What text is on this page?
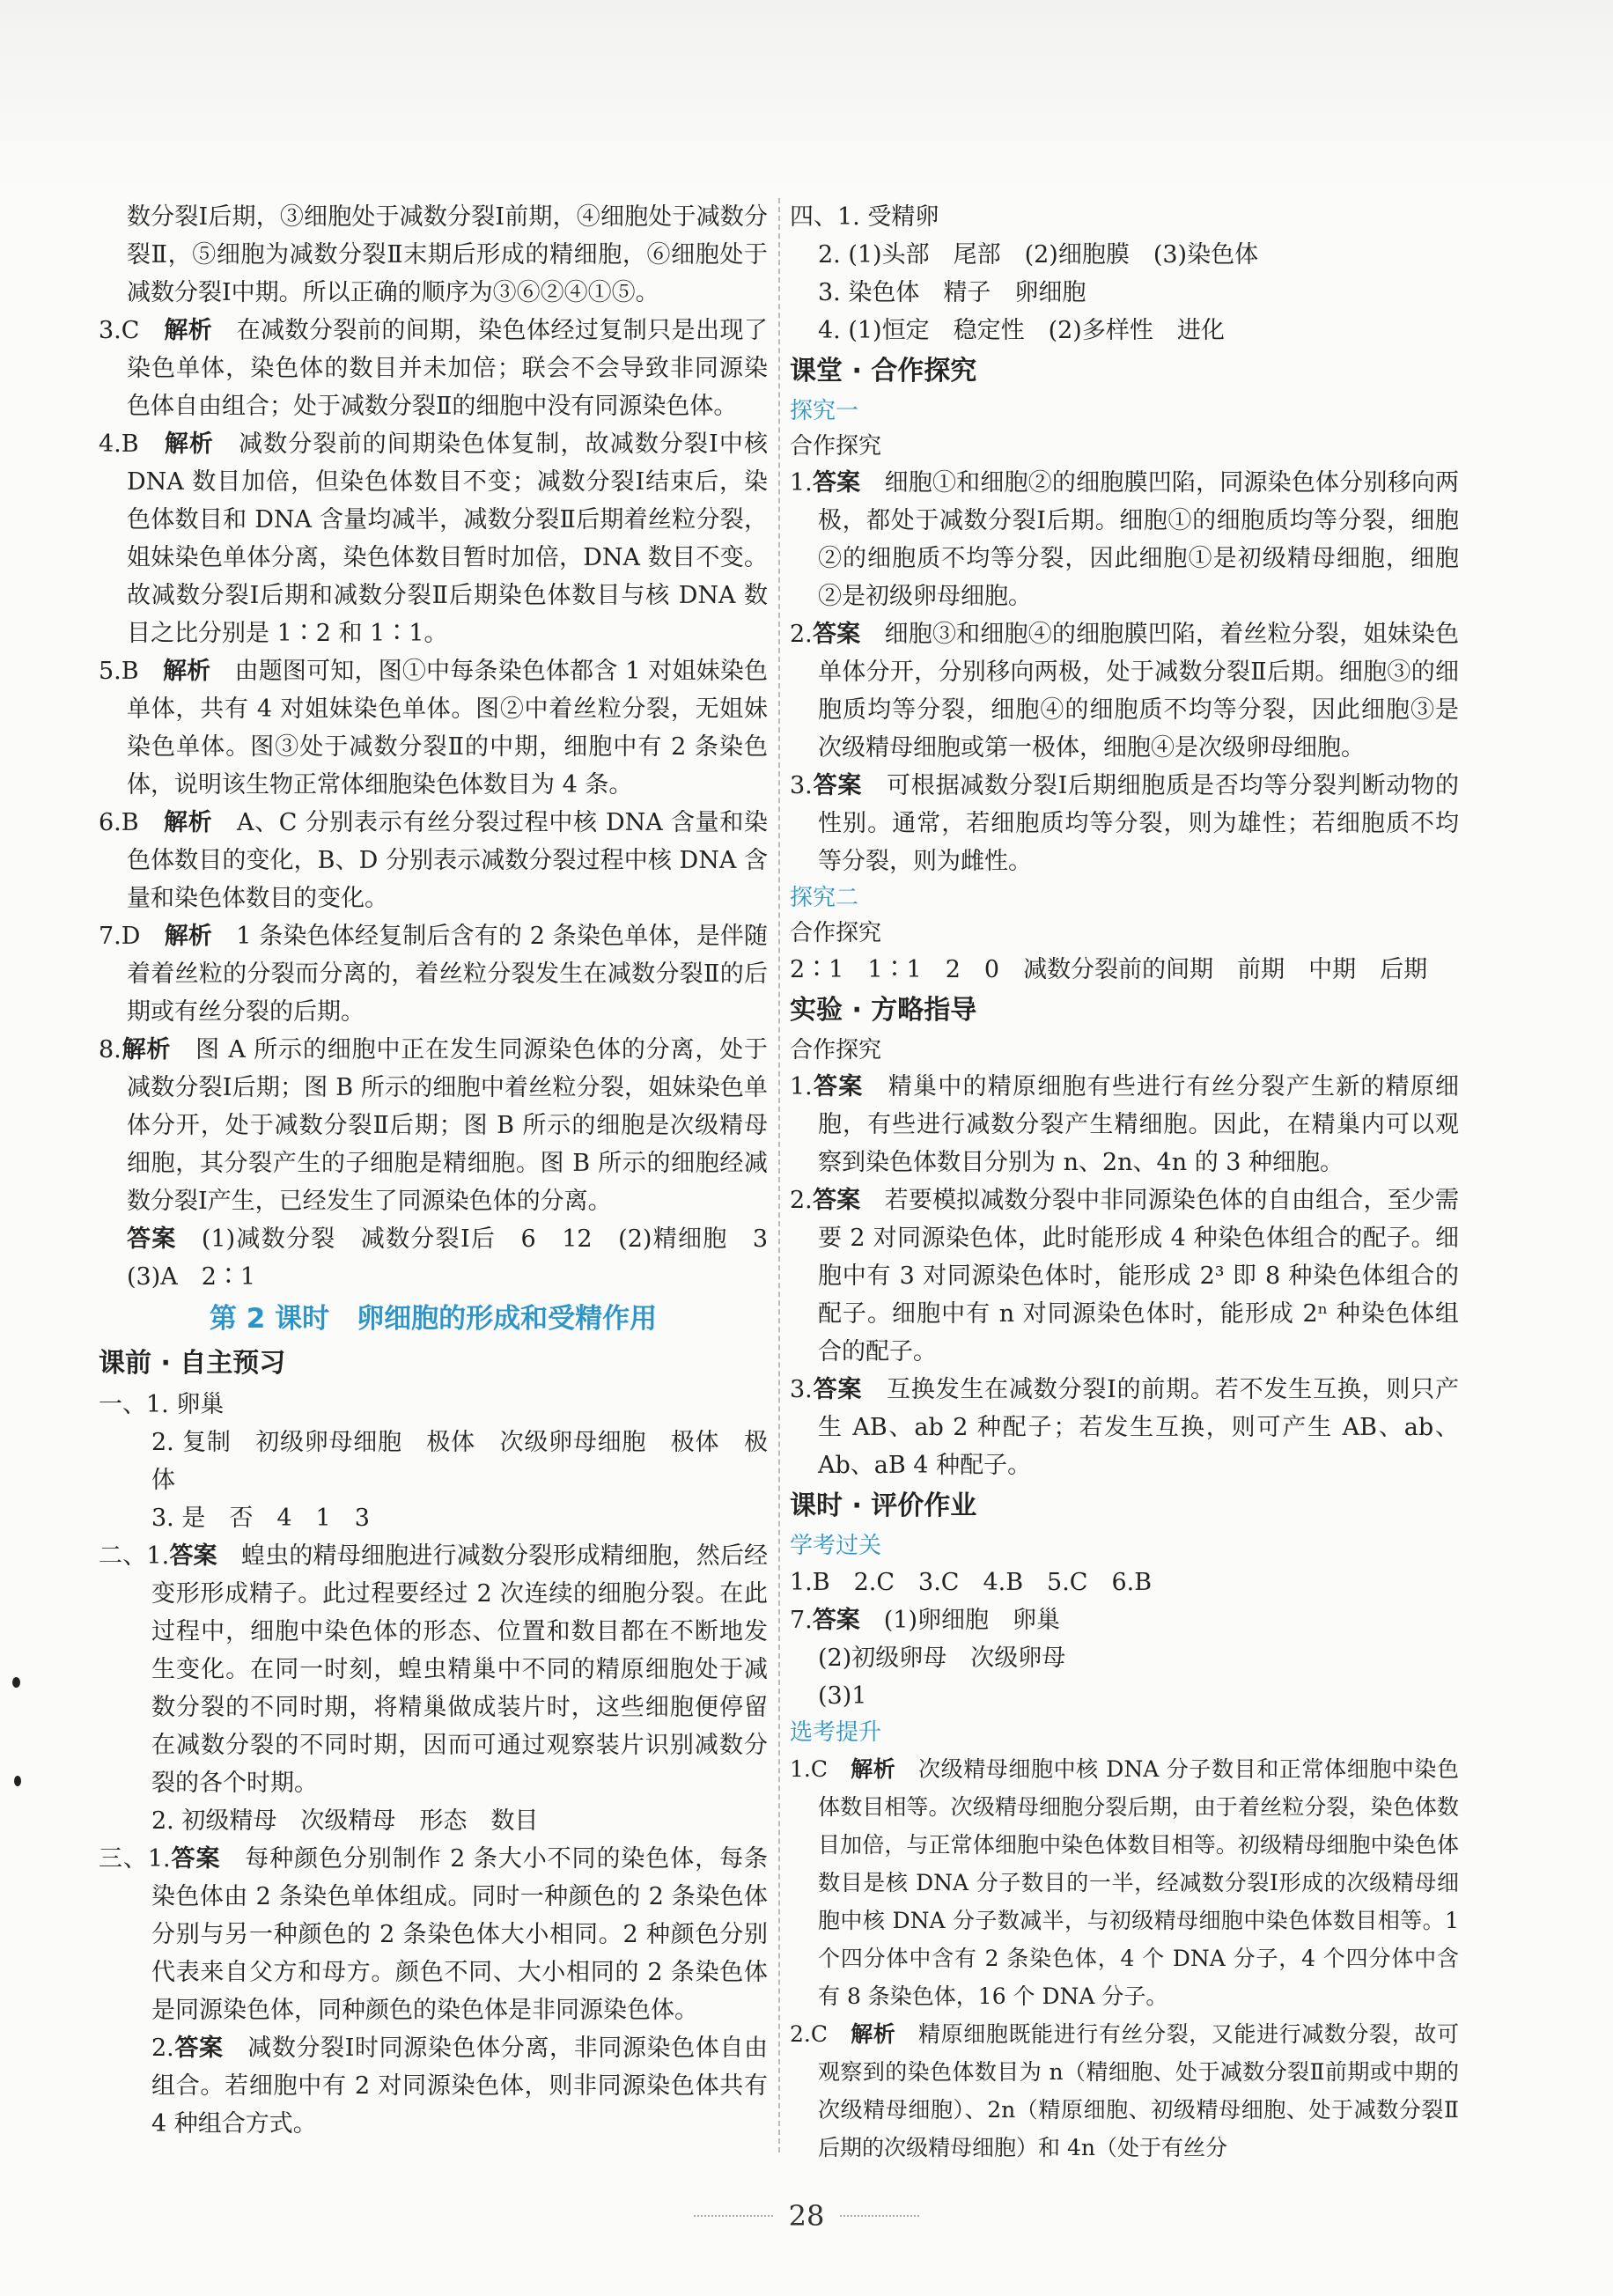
数分裂Ⅰ后期，③细胞处于减数分裂Ⅰ前期，④细胞处于减数分裂Ⅱ，⑤细胞为减数分裂Ⅱ末期后形成的精细胞，⑥细胞处于减数分裂Ⅰ中期。所以正确的顺序为③⑥②④①⑤。

3.C　 解析　 在减数分裂前的间期，染色体经过复制只是出现了染色单体，染色体的数目并未加倍；联会不会导致非同源染色体自由组合；处于减数分裂Ⅱ的细胞中没有同源染色体。

4.B　 解析　 减数分裂前的间期染色体复制，故减数分裂Ⅰ中核 DNA 数目加倍，但染色体数目不变；减数分裂Ⅰ结束后，染色体数目和 DNA 含量均减半，减数分裂Ⅱ后期着丝粒分裂，姐妹染色单体分离，染色体数目暂时加倍，DNA 数目不变。故减数分裂Ⅰ后期和减数分裂Ⅱ后期染色体数目与核 DNA 数目之比分别是 1∶2 和 1∶1。

5.B　 解析　 由题图可知，图①中每条染色体都含 1 对姐妹染色单体，共有 4 对姐妹染色单体。图②中着丝粒分裂，无姐妹染色单体。图③处于减数分裂Ⅱ的中期，细胞中有 2 条染色体，说明该生物正常体细胞染色体数目为 4 条。

6.B　 解析　 A、C 分别表示有丝分裂过程中核 DNA 含量和染色体数目的变化，B、D 分别表示减数分裂过程中核 DNA 含量和染色体数目的变化。

7.D　 解析　 1 条染色体经复制后含有的 2 条染色单体，是伴随着着丝粒的分裂而分离的，着丝粒分裂发生在减数分裂Ⅱ的后期或有丝分裂的后期。

8.解析　 图 A 所示的细胞中正在发生同源染色体的分离，处于减数分裂Ⅰ后期；图 B 所示的细胞中着丝粒分裂，姐妹染色单体分开，处于减数分裂Ⅱ后期；图 B 所示的细胞是次级精母细胞，其分裂产生的子细胞是精细胞。图 B 所示的细胞经减数分裂Ⅰ产生，已经发生了同源染色体的分离。

答案　 (1)减数分裂　减数分裂Ⅰ后　6　12　(2)精细胞　3　(3)A　2∶1

第 2 课时　卵细胞的形成和受精作用

课前 · 自主预习

一、1. 卵巢

2. 复制　初级卵母细胞　极体　次级卵母细胞　极体　极体

3. 是　否　4　1　3

二、1.答案　 蝗虫的精母细胞进行减数分裂形成精细胞，然后经变形形成精子。此过程要经过 2 次连续的细胞分裂。在此过程中，细胞中染色体的形态、位置和数目都在不断地发生变化。在同一时刻，蝗虫精巢中不同的精原细胞处于减数分裂的不同时期，将精巢做成装片时，这些细胞便停留在减数分裂的不同时期，因而可通过观察装片识别减数分裂的各个时期。

2. 初级精母　次级精母　形态　数目

三、1.答案　 每种颜色分别制作 2 条大小不同的染色体，每条染色体由 2 条染色单体组成。同时一种颜色的 2 条染色体分别与另一种颜色的 2 条染色体大小相同。2 种颜色分别代表来自父方和母方。颜色不同、大小相同的 2 条染色体是同源染色体，同种颜色的染色体是非同源染色体。

2.答案　 减数分裂Ⅰ时同源染色体分离，非同源染色体自由组合。若细胞中有 2 对同源染色体，则非同源染色体共有 4 种组合方式。

四、1. 受精卵

2. (1)头部　尾部　(2)细胞膜　(3)染色体

3. 染色体　精子　卵细胞

4. (1)恒定　稳定性　(2)多样性　进化

课堂 · 合作探究

探究一

合作探究

1.答案　 细胞①和细胞②的细胞膜凹陷，同源染色体分别移向两极，都处于减数分裂Ⅰ后期。细胞①的细胞质均等分裂，细胞②的细胞质不均等分裂，因此细胞①是初级精母细胞，细胞②是初级卵母细胞。

2.答案　 细胞③和细胞④的细胞膜凹陷，着丝粒分裂，姐妹染色单体分开，分别移向两极，处于减数分裂Ⅱ后期。细胞③的细胞质均等分裂，细胞④的细胞质不均等分裂，因此细胞③是次级精母细胞或第一极体，细胞④是次级卵母细胞。

3.答案　 可根据减数分裂Ⅰ后期细胞质是否均等分裂判断动物的性别。通常，若细胞质均等分裂，则为雄性；若细胞质不均等分裂，则为雌性。

探究二

合作探究

2∶1　1∶1　2　0　减数分裂前的间期　前期　中期　后期

实验 · 方略指导

合作探究

1.答案　 精巢中的精原细胞有些进行有丝分裂产生新的精原细胞，有些进行减数分裂产生精细胞。因此，在精巢内可以观察到染色体数目分别为 n、2n、4n 的 3 种细胞。

2.答案　 若要模拟减数分裂中非同源染色体的自由组合，至少需要 2 对同源染色体，此时能形成 4 种染色体组合的配子。细胞中有 3 对同源染色体时，能形成 2³ 即 8 种染色体组合的配子。细胞中有 n 对同源染色体时，能形成 2ⁿ 种染色体组合的配子。

3.答案　 互换发生在减数分裂Ⅰ的前期。若不发生互换，则只产生 AB、ab 2 种配子；若发生互换，则可产生 AB、ab、Ab、aB 4 种配子。

课时 · 评价作业

学考过关

1.B　2.C　3.C　4.B　5.C　6.B

7.答案　 (1)卵细胞　卵巢

(2)初级卵母　次级卵母

(3)1

选考提升

1.C　 解析　 次级精母细胞中核 DNA 分子数目和正常体细胞中染色体数目相等。次级精母细胞分裂后期，由于着丝粒分裂，染色体数目加倍，与正常体细胞中染色体数目相等。初级精母细胞中染色体数目是核 DNA 分子数目的一半，经减数分裂Ⅰ形成的次级精母细胞中核 DNA 分子数减半，与初级精母细胞中染色体数目相等。1 个四分体中含有 2 条染色体，4 个 DNA 分子，4 个四分体中含有 8 条染色体，16 个 DNA 分子。

2.C　 解析　 精原细胞既能进行有丝分裂，又能进行减数分裂，故可观察到的染色体数目为 n（精细胞、处于减数分裂Ⅱ前期或中期的次级精母细胞）、2n（精原细胞、初级精母细胞、处于减数分裂Ⅱ后期的次级精母细胞）和 4n（处于有丝分

28
